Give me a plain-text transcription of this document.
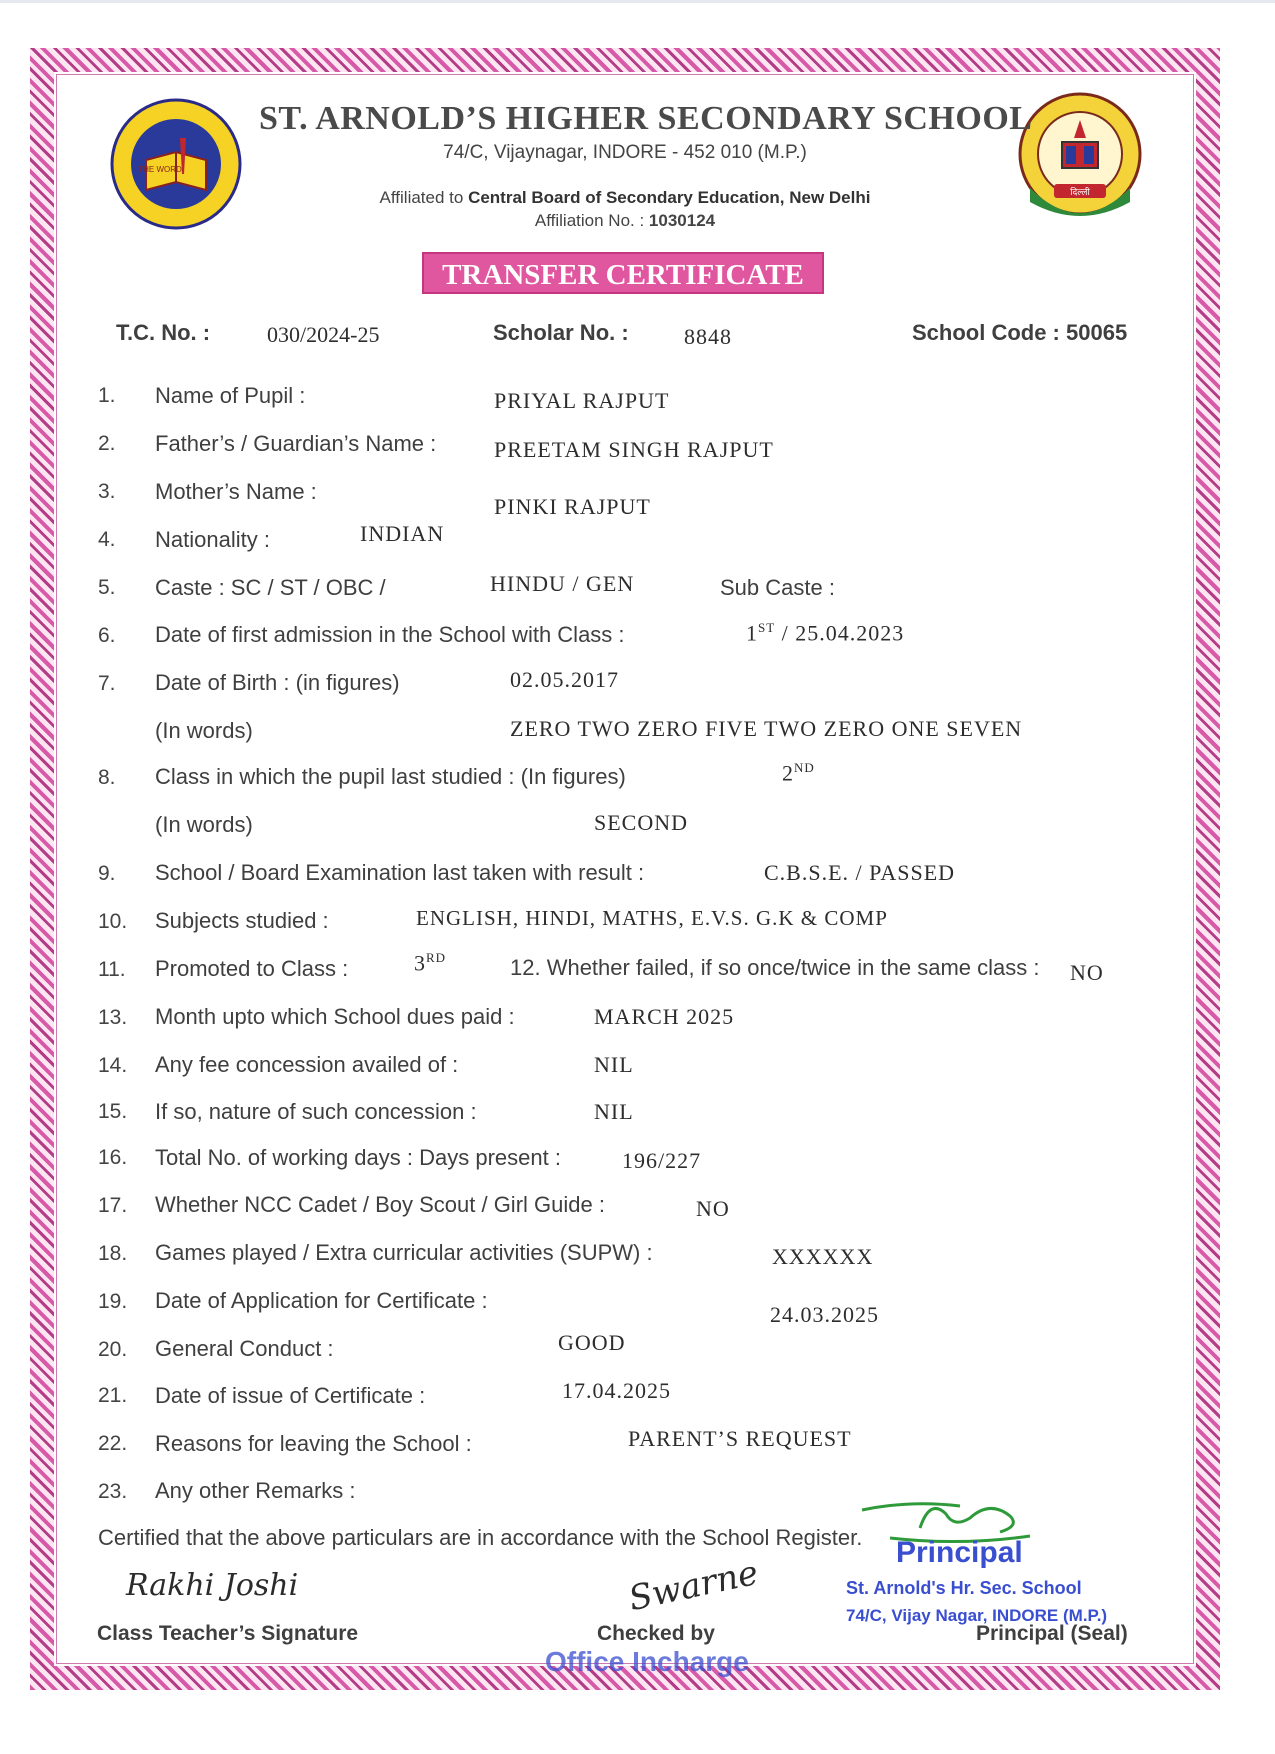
THE WORD
दिल्ली
ST. ARNOLD’S HIGHER SECONDARY SCHOOL
74/C, Vijaynagar, INDORE - 452 010 (M.P.)
Affiliated to Central Board of Secondary Education, New Delhi
Affiliation No. : 1030124
TRANSFER CERTIFICATE
T.C. No. :	030/2024-25	Scholar No. :	8848	School Code : 50065
1. Name of Pupil :	PRIYAL RAJPUT
2. Father’s / Guardian’s Name :	PREETAM SINGH RAJPUT
3. Mother’s Name :
PINKI RAJPUT
4. Nationality :	INDIAN
5. Caste : SC / ST / OBC /	HINDU / GEN	Sub Caste :
6. Date of first admission in the School with Class :	1ST / 25.04.2023
7. Date of Birth : (in figures)	02.05.2017
(In words)	ZERO TWO ZERO FIVE TWO ZERO ONE SEVEN
8. Class in which the pupil last studied : (In figures)	2ND
(In words)	SECOND
9. School / Board Examination last taken with result :	C.B.S.E. / PASSED
10. Subjects studied :	ENGLISH, HINDI, MATHS, E.V.S. G.K & COMP
11. Promoted to Class :	3RD	12. Whether failed, if so once/twice in the same class : NO
13. Month upto which School dues paid :	MARCH 2025
14. Any fee concession availed of :	NIL
15. If so, nature of such concession :	NIL
16. Total No. of working days : Days present :	196/227
17. Whether NCC Cadet / Boy Scout / Girl Guide :	NO
18. Games played / Extra curricular activities (SUPW) :	XXXXXX
19. Date of Application for Certificate :
24.03.2025
20. General Conduct :	GOOD
21. Date of issue of Certificate :	17.04.2025
22. Reasons for leaving the School :	PARENT’S REQUEST
23. Any other Remarks :
Certified that the above particulars are in accordance with the School Register.
Rakhi Joshi
Class Teacher’s Signature
Swarne
Checked by
Office Incharge
Principal
St. Arnold's Hr. Sec. School
74/C, Vijay Nagar, INDORE (M.P.)
Principal (Seal)
